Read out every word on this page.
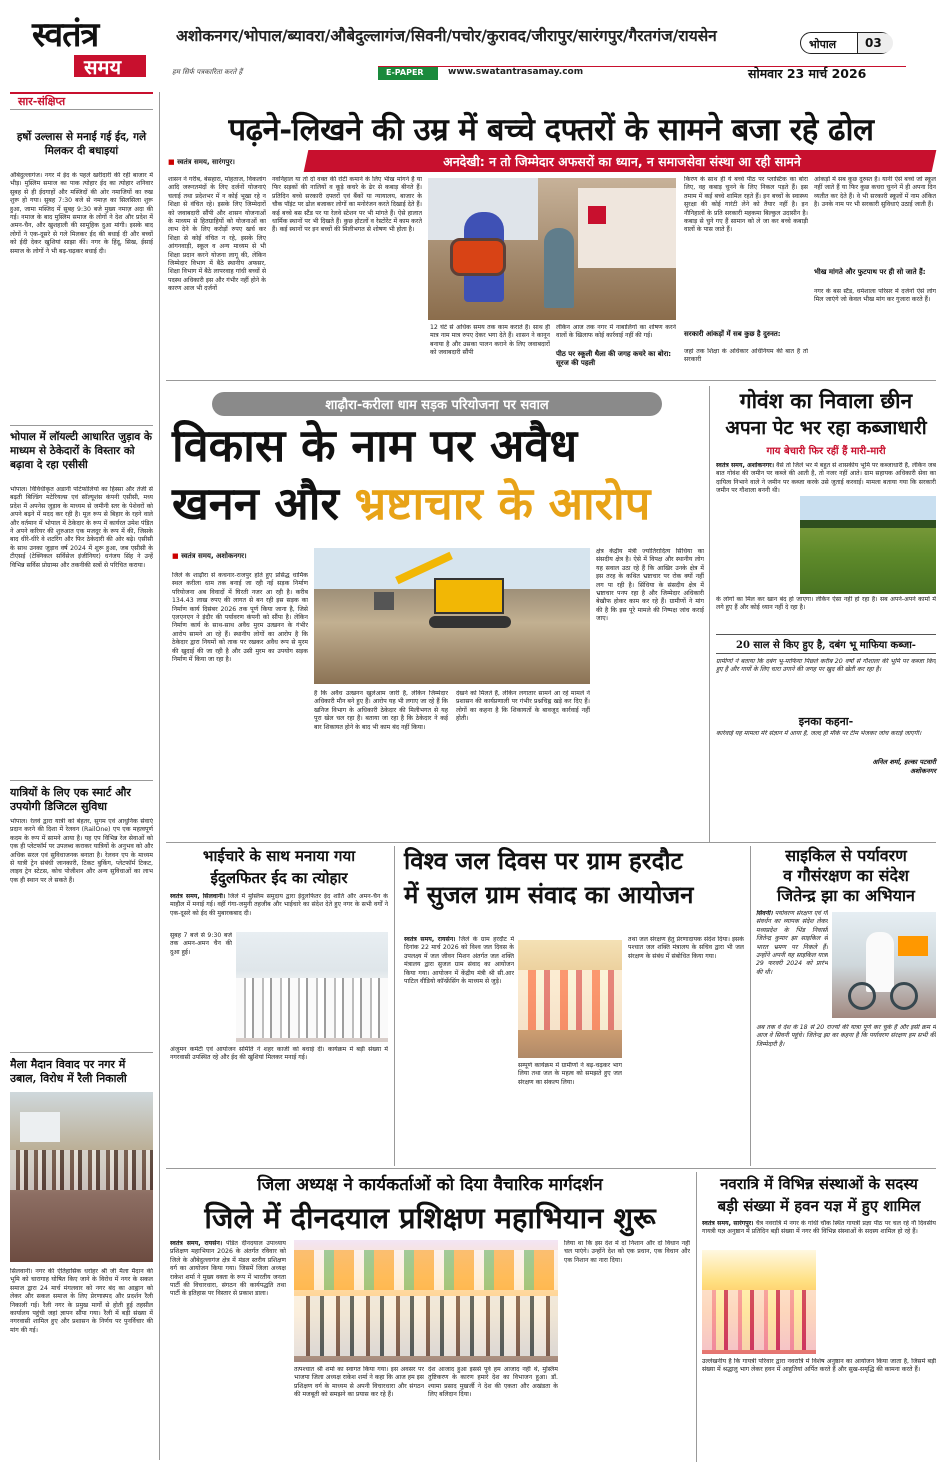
स्वतंत्र
समय	हम सिर्फ पत्रकारिता करते हैं
अशोकनगर/भोपाल/ब्यावरा/औबेदुल्लागंज/सिवनी/पचोर/कुरावद/जीरापुर/सारंगपुर/गैरतगंज/रायसेन	भोपाल 03
E-PAPER	www.swatantrasamay.com	सोमवार 23 मार्च 2026
सार-संक्षिप्त
हर्षो उल्लास से मनाई गई ईद, गले मिलकर दी बधाइयां
औबेदुल्लागंज। नगर में ईद के पहले खरीदारी की रही बाजार में भीड़। मुस्लिम समाज का पाक त्योहार ईद का त्योहार शनिवार सुबह से ही ईदगाहों और मस्जिदों की ओर नमाजियों का रुख शुरू हो गया। सुबह 7:30 बजे से नमाज़ का सिलसिला शुरू हुआ, जामा मस्जिद में सुबह 9:30 बजे मुख्य नमाज़ अदा की गई। नमाज के बाद मुस्लिम समाज के लोगों ने देश और प्रदेश में अमन-चैन, और खुशहाली की सामूहिक दुआ मांगी। इसके बाद लोगों ने एक-दूसरे से गले मिलकर ईद की बधाई दी और बच्चों को ईदी देकर खुशियां साझा कीं। नगर के हिंदू, सिख, ईसाई समाज के लोगों ने भी बढ़-चढ़कर बधाई दी।
भोपाल में लॉयल्टी आधारित जुड़ाव के माध्यम से ठेकेदारों के विस्तार को बढ़ावा दे रहा एसीसी
भोपाल। विविधीकृत अडानी पोर्टफोलियो का हिस्सा और तेजी से बढ़ती बिल्डिंग मटेरियल्स एवं सॉल्यूशंस कंपनी एसीसी, मध्य प्रदेश में अपनेस जुड़ाव के माध्यम से जमीनी स्तर के पेशेवरों को अपने बढ़ने में मदद कर रही है। मूल रूप से बिहार के रहने वाले और वर्तमान में भोपाल में ठेकेदार के रूप में कार्यरत उमेश पंडित ने अपने करियर की शुरुआत एक मजदूर के रूप में की, जिसके बाद धीरे-धीरे वे शटरिंग और फिर ठेकेदारी की ओर बढ़े। एसीसी के साथ उनका जुड़ाव वर्ष 2024 में शुरू हुआ, जब एसीसी के टीएसई (टेक्निकल सर्विसेज इंजीनियर) धनंजय सिंह ने उन्हें विभिन्न सर्विस प्रोग्राम्स और तकनीकी सत्रों से परिचित कराया।
यात्रियों के लिए एक स्मार्ट और उपयोगी डिजिटल सुविधा
भोपाल। रेलवे द्वारा यात्री को बेहतर, सुगम एवं आधुनिक सेवाएं प्रदान करने की दिशा में रेलवन (RailOne) एप एक महत्वपूर्ण कदम के रूप में सामने आया है। यह एप विभिन्न रेल सेवाओं को एक ही प्लेटफॉर्म पर उपलब्ध कराकर यात्रियों के अनुभव को और अधिक सरल एवं सुविधाजनक बनाता है। रेलवन एप के माध्यम से यात्री ट्रेन संबंधी जानकारी, टिकट बुकिंग, प्लेटफॉर्म टिकट, लाइव ट्रेन स्टेटस, कोच पोजीशन और अन्य सुविधाओं का लाभ एक ही स्थान पर ले सकते हैं।
मैला मैदान विवाद पर नगर में उबाल, विरोध में रैली निकाली
सिलवानी। नगर की ऐतिहासिक धरोहर श्री जी मैला मैदान की भूमि को चारागाह घोषित किए जाने के विरोध में नगर के सकल समाज द्वारा 24 मार्च मंगलवार को नगर बंद का आह्वान को लेकर और सकल समाज के लिए प्रेरणास्पद और प्रदर्शन रैली निकाली गई। रैली नगर के प्रमुख मार्गों से होती हुई तहसील कार्यालय पहुंची जहां ज्ञापन सौंपा गया। रैली में बड़ी संख्या में नगरवासी शामिल हुए और प्रशासन के निर्णय पर पुनर्विचार की मांग की गई।
पढ़ने-लिखने की उम्र में बच्चे दफ्तरों के सामने बजा रहे ढोल
अनदेखी: न तो जिम्मेदार अफसरों का ध्यान, न समाजसेवा संस्था आ रही सामने
■ स्वतंत्र समय, सारंगपुर।
शासन ने गरीब, बेसहारा, मोहताज, विकलांग आदि जरूरतमंदों के लिए दर्जनों योजनाएं चलाई तथा प्रदेशभर में न कोई भूखा रहे न शिक्षा से वंचित रहे। इसके लिए जिम्मेदारों को जवाबदारी सौंपी और शासन योजनाओं के माध्यम से हितग्राहियों को योजनाओं का लाभ देने के लिए करोड़ों रुपए खर्च कर शिक्षा से कोई वंचित न रहे, इसके लिए आंगनवाड़ी, स्कूल व अन्य माध्यम से भी शिक्षा प्रदान करने योजना लागू की, लेकिन जिम्मेदार विभाग में बैठे स्थानीय अफसर, शिक्षा विभाग में बैठे लापरवाह गांधी बच्चों से पदस्थ अधिकारी इस और गंभीर नहीं होने के कारण आज भी दर्जनों
नवनिहाल या तो दो वक्त की रोटी कमाने के लिए भीख मांगने है या फिर सड़कों की नालियों व कूड़े कचरे के ढेर से कबाड़ बीनते हैं। प्रतिदिन बच्चे सरकारी दफ्तरों एवं बैंकों या न्यायालय, बाजार के चौक पॉइंट पर ढोल बजाकर लोगों का मनोरंजन करते दिखाई देते हैं। कई बच्चे बस स्टैंड पर या रेलवे स्टेशन पर भी मांगते हैं। ऐसे हालात धार्मिक स्थानों पर भी दिखते हैं। कुछ होटलों व रेस्टोरेंट में काम करते हैं। कई स्थानों पर इन बच्चों की मिलीभगत से शोषण भी होता है।
12 घंटे से अधिक समय तक काम कराते हैं। साथ ही मात्र नाम मात्र रुपए देकर भगा देते हैं। शासन ने कानून बनाया है और उसका पालन कराने के लिए जवाबदारों को जवाबदारी सौंपी
लेकिन आज तक नगर में नाबालिगों का शोषण करने वालों के खिलाफ कोई कार्रवाई नहीं की गई।
पीठ पर स्कूली थैला की जगह कचरे का बोरा: सूरज की पहली
किरण के साथ ही ये बच्चे पीठ पर प्लास्टिक का बोरा लिए, वह कबाड़ चुनने के लिए निकल पड़ते हैं। इस तमाम में कई बच्चे शामिल रहते हैं। इन बच्चों के स्वास्थ्य सुरक्षा की कोई गारंटी लेने को तैयार नहीं है। इन नौनिहालों के प्रति सरकारी महकमा बिल्कुल उदासीन है। कबाड़ से चुने गए हैं सामान को ले जा कर बच्चे कबाड़ी वालों के पास जाते हैं।
सरकारी आंकड़ों में सब कुछ है दुरुस्त:
जहां तक शिक्षा के अधिकार अधिनियम की बात है तो सरकारी
आंकड़ों में सब कुछ दुरुस्त है। यानी ऐसे बच्चे जो स्कूल नहीं जाते हैं या फिर कुछ कचरा चुनने में ही अपना दिन व्यतीत कर देते हैं। वे भी सरकारी स्कूलों में नाम अंकित है। उनके नाम पर भी सरकारी सुविधाएं उठाई जाती हैं।
भीख मांगते और फुटपाथ पर ही सो जाते हैं:
नगर के बस स्टैंड, धर्मशाला परिसर में दर्जनों ऐसे लोग मिल जाएंगे जो केवल भीख मांग कर गुजारा करते हैं।
शाढ़ौरा-करीला धाम सड़क परियोजना पर सवाल
विकास के नाम पर अवैध
खनन और भ्रष्टाचार के आरोप
■ स्वतंत्र समय, अशोकनगर।
जिले के शाढ़ौरा से कचनार-राजपुर होते हुए प्रसिद्ध धार्मिक स्थल करीला धाम तक बनाई जा रही नई सड़क निर्माण परियोजना अब विवादों में घिरती नजर आ रही है। करीब 134.43 लाख रुपए की लागत से बन रही इस सड़क का निर्माण कार्य दिसंबर 2026 तक पूर्ण किया जाना है, जिसे एलएनएन ने इंदौर की पर्यावरण कंपनी को सौंपा है। लेकिन निर्माण कार्य के साथ-साथ अवैध मुरम उत्खनन के गंभीर आरोप सामने आ रहे हैं। स्थानीय लोगों का आरोप है कि ठेकेदार द्वारा नियमों को ताक पर रखकर अवैध रूप से मुरम की खुदाई की जा रही है और उसी मुरम का उपयोग सड़क निर्माण में किया जा रहा है।
है कि अवैध उत्खनन खुलेआम जारी है, लेकिन जिम्मेदार अधिकारी मौन बने हुए हैं। आरोप यह भी लगाए जा रहे हैं कि खनिज विभाग के अधिकारी ठेकेदार की मिलीभगत से यह पूरा खेल चल रहा है। बताया जा रहा है कि ठेकेदार ने कई बार शिकायत होने के बाद भी काम बंद नहीं किया।
देखने को मिलते हैं, लेकिन लगातार सामने आ रहे मामले ने प्रशासन की कार्यप्रणाली पर गंभीर प्रश्नचिह्न खड़े कर दिए हैं। लोगों का कहना है कि शिकायतों के बावजूद कार्रवाई नहीं होती।
क्षेत्र केंद्रीय मंत्री ज्योतिरादित्य सिंधिया का संसदीय क्षेत्र है। ऐसे में विपक्ष और स्थानीय लोग यह सवाल उठा रहे हैं कि आखिर उनके क्षेत्र में इस तरह के कथित भ्रष्टाचार पर रोक क्यों नहीं लग पा रही है। सिंधिया के संसदीय क्षेत्र में भ्रष्टाचार पनप रहा है और जिम्मेदार अधिकारी बेखौफ होकर काम कर रहे हैं। ग्रामीणों ने मांग की है कि इस पूरे मामले की निष्पक्ष जांच कराई जाए।
गोवंश का निवाला छीन
अपना पेट भर रहा कब्जाधारी
गाय बेचारी फिर रहीं हैं मारी-मारी
स्वतंत्र समय, अशोकनगर। वैसे तो जिले भर में बहुत से शासकीय भूमि पर कब्जाधारी हैं, लेकिन जब बात गोवंश की जमीन पर कब्जे की आती है, तो नजर नहीं आते। ग्राम सहायक अधिकारी सेवा का दायित्व निभाने वाले ने जमीन पर कब्जा करके उसे जुताई करवाई। मामला बताया गया कि सरकारी जमीन पर गौशाला बननी थी।
के लोगों का मिल कर खान बंद हो जाएगा। लेकिन ऐसा नहीं हो रहा है। सब अपने-अपने कामों में लगे हुए हैं और कोई ध्यान नहीं दे रहा है।
20 साल से किए हुए है, दबंग भू माफिया कब्जा-
ग्रामीणों ने बताया कि दबंग भू-माफिया पिछले करीब 20 वर्षों से गौशाला की भूमि पर कब्जा किए हुए है और गायों के लिए चारा उगाने की जगह पर खुद की खेती कर रहा है।
इनका कहना-
कार्रवाई यह मामला मेरे संज्ञान में आया है, जल्द ही मौके पर टीम भेजकर जांच कराई जाएगी।
अनिल शर्मा, हल्का पटवारी
अशोकनगर
भाईचारे के साथ मनाया गया
ईदुलफितर ईद का त्योहार
स्वतंत्र समय, सिलवानी। जिले में मुस्लिम समुदाय द्वारा ईदुलफितर ईद शांति और अमन-चैन के माहौल में मनाई गई। वहीं गंगा-जमुनी तहजीब और भाईचारे का संदेश देते हुए नगर के सभी वर्गों ने एक-दूसरे को ईद की मुबारकबाद दी।
सुबह 7 बजे से 9:30 बजे तक अमन-अमन चैन की दुआ हुई।
अंजुमन कमेटी एवं आयोजन समिति ने शहर काजी को बधाई दी। कार्यक्रम में बड़ी संख्या में नगरवासी उपस्थित रहे और ईद की खुशियां मिलकर मनाई गई।
विश्व जल दिवस पर ग्राम हरदौट
में सुजल ग्राम संवाद का आयोजन
स्वतंत्र समय, रायसेन। जिले के ग्राम हरदौट में दिनांक 22 मार्च 2026 को विश्व जल दिवस के उपलक्ष्य में जल जीवन मिशन अंतर्गत जल शक्ति मंत्रालय द्वारा सुजल ग्राम संवाद का आयोजन किया गया। आयोजन में केंद्रीय मंत्री श्री सी.आर पाटिल वीडियो कॉन्फ्रेंसिंग के माध्यम से जुड़े।
सम्पूर्ण कार्यक्रम में ग्रामीणों ने बढ़-चढ़कर भाग लिया तथा जल के महत्व को समझते हुए जल संरक्षण का संकल्प लिया।
तथा जल संरक्षण हेतु प्रेरणादायक संदेश दिया। इसके पश्चात जल शक्ति मंत्रालय के सचिव द्वारा भी जल संरक्षण के संबंध में संबोधित किया गया।
साइकिल से पर्यावरण
व गौसंरक्षण का संदेश
जितेन्द्र झा का अभियान
सिवनी। पर्यावरण संरक्षण एवं गौ संवर्धन का व्यापक संदेश लेकर मध्यप्रदेश के भिंड निवासी जितेन्द्र कुमार झा साइकिल से भारत भ्रमण पर निकले हैं। उन्होंने अपनी यह साइकिल यात्रा 29 फरवरी 2024 को प्रारंभ की थी।
अब तक वे देश के 18 से 20 राज्यों की यात्रा पूर्ण कर चुके हैं और इसी क्रम में आज वे सिवनी पहुंचे। जितेन्द्र झा का कहना है कि पर्यावरण संरक्षण हम सभी की जिम्मेदारी है।
जिला अध्यक्ष ने कार्यकर्ताओं को दिया वैचारिक मार्गदर्शन
जिले में दीनदयाल प्रशिक्षण महाभियान शुरू
स्वतंत्र समय, रायसेन। पंडित दीनदयाल उपाध्याय प्रशिक्षण महाभियान 2026 के अंतर्गत रविवार को जिले के औबेदुल्लागंज क्षेत्र में मंडल स्तरीय प्रशिक्षण वर्ग का आयोजन किया गया। जिसमें जिला अध्यक्ष राकेश शर्मा ने मुख्य वक्ता के रूप में भारतीय जनता पार्टी की विचारधारा, संगठन की कार्यपद्धति तथा पार्टी के इतिहास पर विस्तार से प्रकाश डाला।
तत्पश्चात श्री शर्मा का स्वागत किया गया। इस अवसर पर भाजपा जिला अध्यक्ष राकेश शर्मा ने कहा कि आज हम इस प्रशिक्षण वर्ग के माध्यम से अपनी विचारधारा और संगठन की मजबूती को समझने का प्रयास कर रहे हैं।
देश आजाद हुआ इससे पूर्व हम आजाद नहीं थे, मुस्लिम तुष्टिकरण के कारण हमारे देश का विभाजन हुआ। डॉ. श्यामा प्रसाद मुखर्जी ने देश की एकता और अखंडता के लिए बलिदान दिया।
लिया था कि इस देश में दो निशान और दो विधान नहीं चल पाएंगे। उन्होंने देश को एक प्रधान, एक विधान और एक निशान का नारा दिया।
नवरात्रि में विभिन्न संस्थाओं के सदस्य
बड़ी संख्या में हवन यज्ञ में हुए शामिल
स्वतंत्र समय, सारंगपुर। चैत्र नवरात्रि में नगर के गांधी चौक स्थित गायत्री प्रज्ञा पीठ पर चल रहे नौ दिवसीय गायत्री यज्ञ अनुष्ठान में प्रतिदिन बड़ी संख्या में नगर की विभिन्न संस्थाओं के सदस्य शामिल हो रहे हैं।
उल्लेखनीय है कि गायत्री परिवार द्वारा नवरात्रि में विशेष अनुष्ठान का आयोजन किया जाता है, जिसमें बड़ी संख्या में श्रद्धालु भाग लेकर हवन में आहुतियां अर्पित करते हैं और सुख-समृद्धि की कामना करते हैं।
